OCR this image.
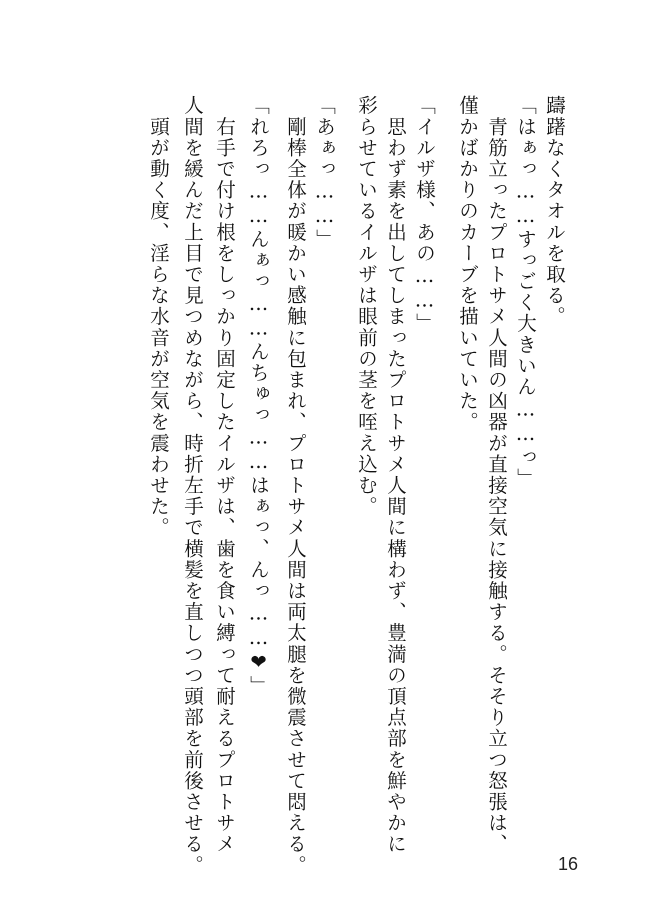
躊躇なくタオルを取る。
「はぁっ……すっごく大きいん……っ」
　青筋立ったプロトサメ人間の凶器が直接空気に接触する。そそり立つ怒張は、
僅かばかりのカーブを描いていた。
「イルザ様、あの……」
　思わず素を出してしまったプロトサメ人間に構わず、豊満の頂点部を鮮やかに
彩らせているイルザは眼前の茎を咥え込む。
「あぁっ……」
　剛棒全体が暖かい感触に包まれ、プロトサメ人間は両太腿を微震させて悶える。
「れろっ……んぁっ……んちゅっ……はぁっ、んっ……❤」
　右手で付け根をしっかり固定したイルザは、歯を食い縛って耐えるプロトサメ
人間を緩んだ上目で見つめながら、時折左手で横髪を直しつつ頭部を前後させる。
　頭が動く度、淫らな水音が空気を震わせた。
16
